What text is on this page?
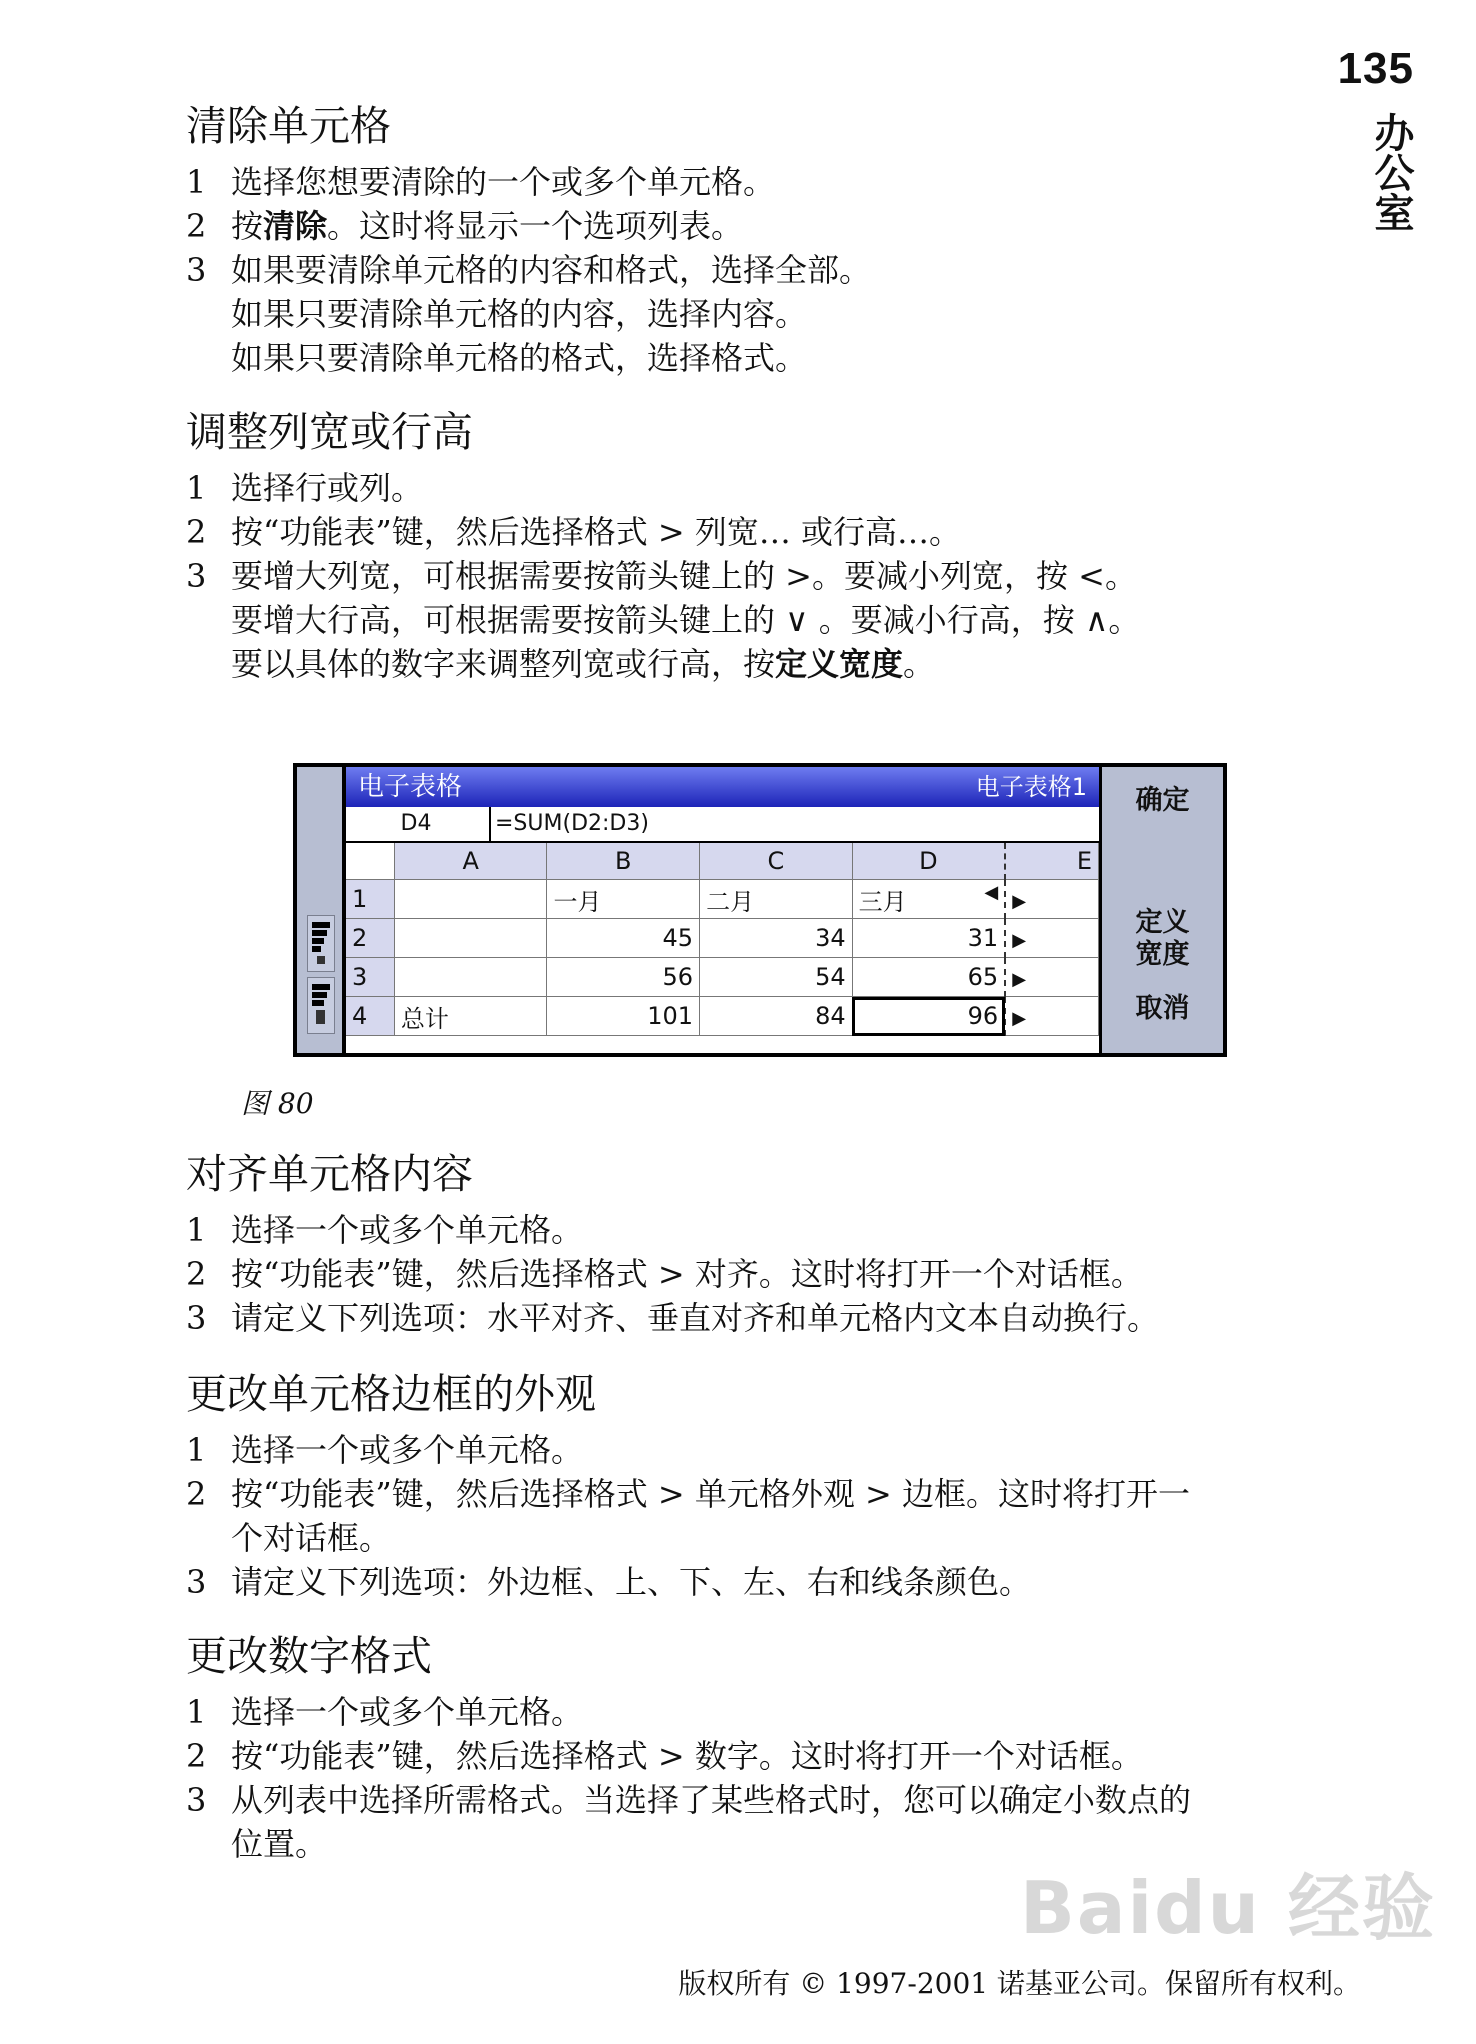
135
办公室
清除单元格
1 选择您想要清除的一个或多个单元格。
2 按清除。这时将显示一个选项列表。
3 如果要清除单元格的内容和格式，选择全部。
如果只要清除单元格的内容，选择内容。
如果只要清除单元格的格式，选择格式。
调整列宽或行高
1 选择行或列。
2 按“功能表”键，然后选择格式 > 列宽… 或行高…。
3 要增大列宽，可根据需要按箭头键上的 >。要减小列宽，按 <。
要增大行高，可根据需要按箭头键上的 ∨ 。要减小行高，按 ∧。
要以具体的数字来调整列宽或行高，按定义宽度。
电子表格	电子表格1
D4	=SUM(D2:D3)
	A	B	C	D	E
1		一月	二月	三月 ◀	▶
2		45	34	31	▶
3		56	54	65	▶
4	总计	101	84	96	▶
确定
定义
宽度
取消
图 80
对齐单元格内容
1 选择一个或多个单元格。
2 按“功能表”键，然后选择格式 > 对齐。这时将打开一个对话框。
3 请定义下列选项：水平对齐、垂直对齐和单元格内文本自动换行。
更改单元格边框的外观
1 选择一个或多个单元格。
2 按“功能表”键，然后选择格式 > 单元格外观 > 边框。这时将打开一
个对话框。
3 请定义下列选项：外边框、上、下、左、右和线条颜色。
更改数字格式
1 选择一个或多个单元格。
2 按“功能表”键，然后选择格式 > 数字。这时将打开一个对话框。
3 从列表中选择所需格式。当选择了某些格式时，您可以确定小数点的
位置。
Baidu 经验
版权所有 © 1997-2001 诺基亚公司。保留所有权利。
